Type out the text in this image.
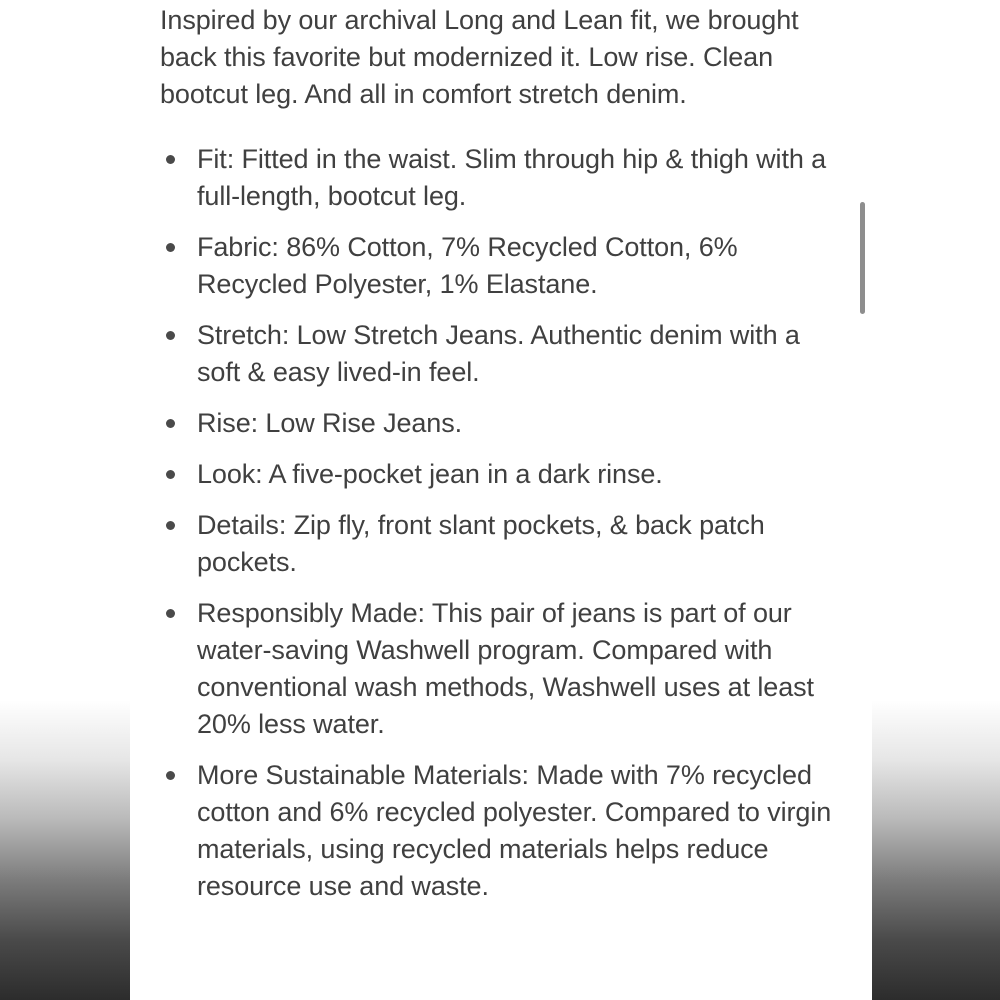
Inspired by our archival Long and Lean fit, we brought back this favorite but modernized it. Low rise. Clean bootcut leg. And all in comfort stretch denim.

Fit: Fitted in the waist. Slim through hip & thigh with a full-length, bootcut leg.
Fabric: 86% Cotton, 7% Recycled Cotton, 6% Recycled Polyester, 1% Elastane.
Stretch: Low Stretch Jeans. Authentic denim with a soft & easy lived-in feel.
Rise: Low Rise Jeans.
Look: A five-pocket jean in a dark rinse.
Details: Zip fly, front slant pockets, & back patch pockets.
Responsibly Made: This pair of jeans is part of our water-saving Washwell program. Compared with conventional wash methods, Washwell uses at least 20% less water.
More Sustainable Materials: Made with 7% recycled cotton and 6% recycled polyester. Compared to virgin materials, using recycled materials helps reduce resource use and waste.
